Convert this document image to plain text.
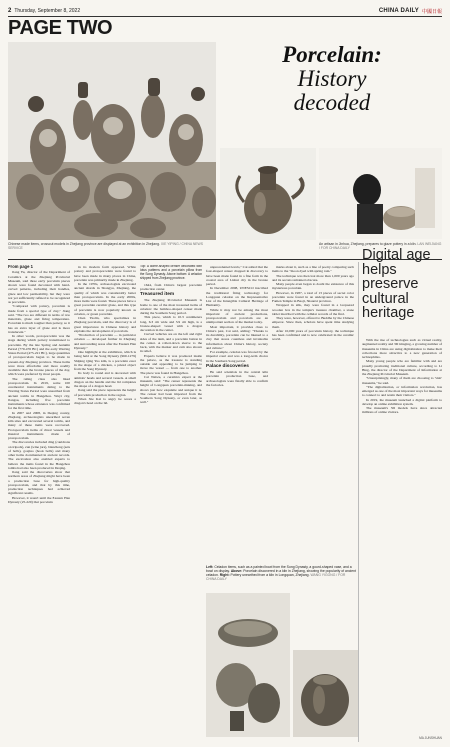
2 Thursday, September 8, 2022	CHINA DAILY 中國日報
PAGE TWO
Chinese made items, crosscut models in Zhejiang province are displayed at an exhibition in Zhejiang. XIE YIPING / CHINA NEWS SERVICE
Porcelain:
History
decoded
An artisan in Jinhua, Zhejiang, prepares to glaze pottery in a kiln. LAN WEIJIANG / FOR CHINA DAILY
From page 1

Jiang Yu, director of the Department of Ceramics at the Zhejiang Provincial Museum, said three early porcelain pieces shown were found decorated with hand-carved patterns, including their handles, glaze and low permeability, but they were not yet sufficiently refined to be recognized as porcelain.

"Compared with pottery, porcelain is made from a special type of clay," Jiang said. "The two are different in terms of raw materials, glaze and firing temperature. Porcelain is much tougher than pottery, so it has an extra layer of glaze and is more translucent."

In other words, protoporcelain was the stage during which pottery transitioned to porcelain. By the late Spring and Autumn Period (770-476 BC) and the early Warring States Period (475-221 BC), large quantities of protoporcelain began to be made in present-day Zhejiang province. These items were more affordable and more readily available than the bronze pieces of the day, which were preferred by most people.

The ruling class also liked protoporcelain. In 2019, some 100 ceremonial instruments dating to the Warring States Period were unearthed from ancient tombs in Hangzhou. Wuyi city, Jiangsu, including five porcelain instruments whose existence was confirmed for the first time.

In 2007 and 2008, in Deqing county, Zhejiang, archaeologists unearthed seven kiln sites and excavated several tombs, and many of these items were recovered. Protoporcelain items of ritual vessels and musical instruments made of protoporcelain.

The discoveries included ding (cauldrons on tripods), zun (wine jars), bianzhong (sets of bells), goujiao (hook bells) and many other items documented in ancient records. The excavation also enabled experts to believe the items found in the Hangzhou tombs had also been produced in Deqing.

Jiang said the discoveries show that northern areas of Zhejiang might have been a production base for high-quality protoporcelain, and that by this time, production techniques had achieved significant results.

However, it wasn't until the Eastern Han Dynasty (25-220) that porcelain

in its modern form appeared. While pottery and protoporcelain were found to have been made in many places in China, porcelain was primarily made in Zhejiang.

In the 1970s, archaeologists excavated ancient shards in Shangyu, Zhejiang, the quality of which was considerably better than protoporcelain. In the early 2000s, more items were found. These pieces have a great porcelain ceramic glaze, and this type of porcelain is now popularly known as celadon, or green porcelain.

Chen Yaolin, who specializes in Zhejiang porcelain, said the discovery is of great importance in Chinese history and explains the development of porcelain.

"Production of porcelain — in particular celadon — developed further in Zhejiang and surrounding areas after the Eastern Han Dynasty."

One highlight at the exhibition, which is being held at the Song Dynasty (960-1279) Shiping Qing Yao kiln, is a porcelain ewer in the shape of a chicken, a prized object from the Song Dynasty.

Its body is round and is decorated with animals' heads and several vessels. A small dragon on the handle and the lid completes the shape of a dragon head.

Jiang said the piece represents the height of porcelain production in the region.

When Xie Kai is angry he wears a dragon's head on the lid.

Top: A dome-shaped censer decorated with lotus patterns and a porcelain pillow from the Song Dynasty. Above bottom: A celadon shipped from Zhejiang province.

1644, from China's largest porcelain production center.

Treasured item

The Zhejiang Provincial Museum is home to one of the most treasured items of celadon: the bamboo-shaped censer made during the Southern Song period.

This piece, which is 10.3 centimeters long, 6.3 cm wide and 3.9 cm high, is a bronze-shaped vessel with a dragon decoration in the center.

Curved vehicles are on the left and right sides of the item, and a porcelain button in the center. A rolled-down sleeve to the back, with the marker and cam also shown in relief.

Experts believe it was produced inside the palace, as the treasure is standing outside and appealing to be jumping to move the vessel — from one to another. The piece was found in Hangzhou.

Cai Naiwu, a ceramics expert at the museum, said: "The censer represents the height of Longquan porcelain-making, and shows just how exquisite and unique it is. The censer had been imported from the Southern Song Dynasty, or even later, as well."

unprecedented levels," Cai added that the four-shaped censer dropped in discovery to have been made found in a fine form in the coastal area of Lishui city in the bronze period.

In December 2008, UNESCO inscribed the traditional firing technology for Longquan celadon on the Representative List of the Intangible Cultural Heritage of Humanity.

While it may not be among the most important of ancient productions, protoporcelain and porcelain are an unimportant section of the market today.

Most important, it provides clues to China's past, Cai said, adding: "Thanks to its durability, porcelain can be likened to a clay that stores countless and invaluable information about China's history, society and culture."

For example, celadon was favored by the imperial court and was a long-term choice in the Southern Song period.

Palace discoveries

He said scientists in the central kiln porcelain production base, and archaeologists were finally able to confirm the factories.

marks about it, such as a line of poetry comparing such items to the "moon dyed with spring rain."

The technique was then lost more than 1,000 years ago and its secrets remained obscure.

Many people even began to doubt the existence of this mysterious porcelain.

However, in 1987, a total of 13 pieces of secret color porcelain were found in an underground palace in the Famen Temple in Baoji, Shaanxi province.

Wrapped in silk, they were found in a lacquered wooden box in the temple's treasure chamber, a stone tablet inscribed with the cellular records of the find.

They were, however, offered to Buddha by the Chinese emperor. Since then, scholars have spent time studying them.

After 10,000 years of porcelain history, the technique has been confirmed and is now celebrated in the ceramic world.

Digital age helps preserve cultural heritage

With the rise of technologies such as virtual reality, augmented reality and 3D imaging, a growing number of museums in China are using digitalization to make their collections more attractive to a new generation of technophiles.

Many young people who are familiar with and are proudly promoting traditional culture, according to Li Bing, the director of the Department of Information at the Zhejiang Provincial Museum.

"Unsurprisingly, many of them are choosing to 'visit' museums," he said.

"The digitalization, or information revolution, has emerged as one of the most important ways for museums to connect to and retain their visitors."

In 2019, the museum launched a digital platform to develop an online exhibition system.

The museum's 3D models have since attracted millions of online visitors.

MA JUNSHUAN
Left: Celadon items, such as a painted bowl from the Song Dynasty, a gourd-shaped vase, and a bowl on display. Above: Porcelain discovered in a kiln in Zhejiang, showing the popularity of ancient celadon. Right: Pottery unearthed from a kiln in Longquan, Zhejiang. WANG YIGONG / FOR CHINA DAILY
